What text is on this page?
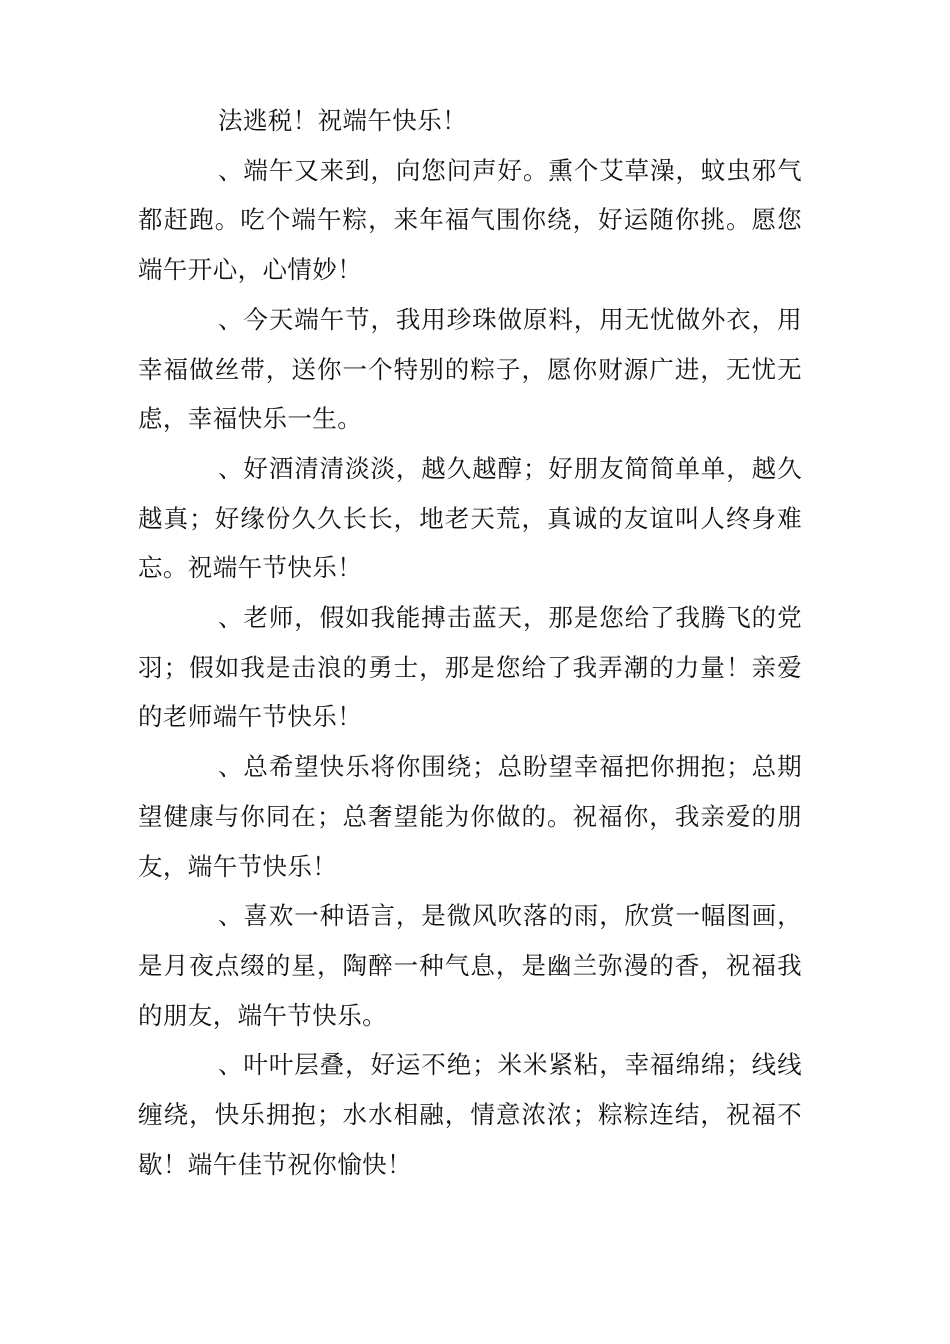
法逃税！祝端午快乐！

、端午又来到，向您问声好。熏个艾草澡，蚊虫邪气都赶跑。吃个端午粽，来年福气围你绕，好运随你挑。愿您端午开心，心情妙！

、今天端午节，我用珍珠做原料，用无忧做外衣，用幸福做丝带，送你一个特别的粽子，愿你财源广进，无忧无虑，幸福快乐一生。

、好酒清清淡淡，越久越醇；好朋友简简单单，越久越真；好缘份久久长长，地老天荒，真诚的友谊叫人终身难忘。祝端午节快乐！

、老师，假如我能搏击蓝天，那是您给了我腾飞的党羽；假如我是击浪的勇士，那是您给了我弄潮的力量！亲爱的老师端午节快乐！

、总希望快乐将你围绕；总盼望幸福把你拥抱；总期望健康与你同在；总奢望能为你做的。祝福你，我亲爱的朋友，端午节快乐！

、喜欢一种语言，是微风吹落的雨，欣赏一幅图画，是月夜点缀的星，陶醉一种气息，是幽兰弥漫的香，祝福我的朋友，端午节快乐。

、叶叶层叠，好运不绝；米米紧粘，幸福绵绵；线线缠绕，快乐拥抱；水水相融，情意浓浓；粽粽连结，祝福不歇！端午佳节祝你愉快！
